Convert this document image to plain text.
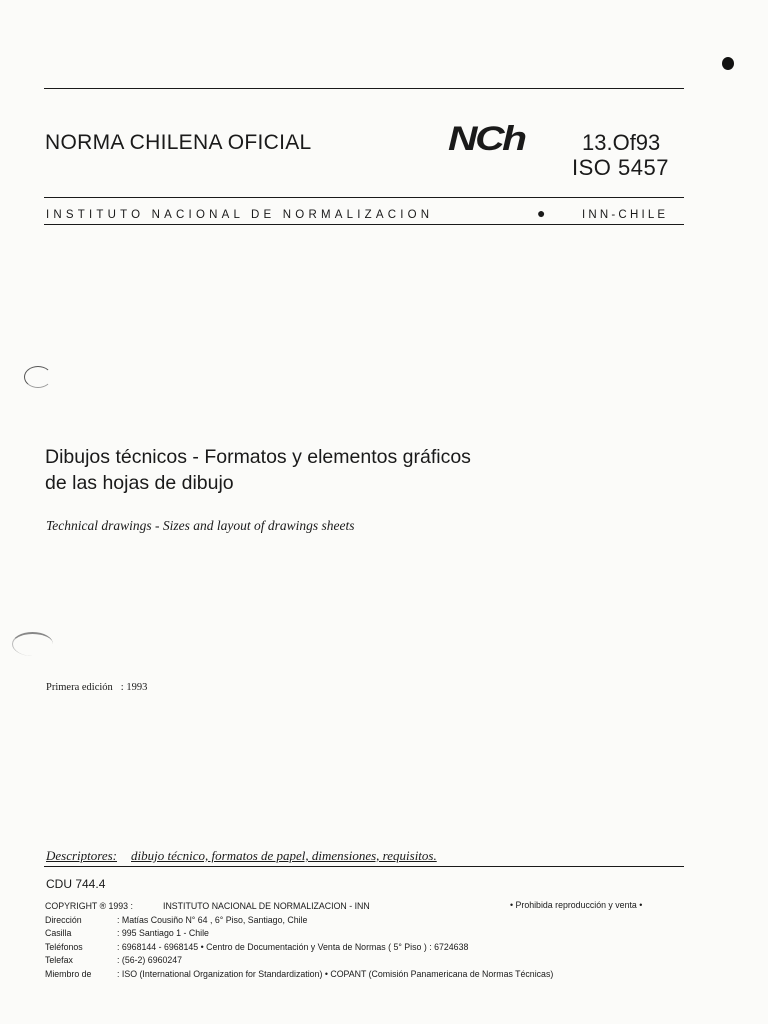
NORMA CHILENA OFICIAL	NCh	13.Of93
ISO 5457
INSTITUTO NACIONAL DE NORMALIZACION	●	INN-CHILE
Dibujos técnicos - Formatos y elementos gráficos
de las hojas de dibujo
Technical drawings - Sizes and layout of drawings sheets
Primera edición : 1993
Descriptores: dibujo técnico, formatos de papel, dimensiones, requisitos.
CDU 744.4
COPYRIGHT ® 1993 :	INSTITUTO NACIONAL DE NORMALIZACION - INN
Dirección	: Matías Cousiño N° 64 , 6° Piso, Santiago, Chile
Casilla	: 995 Santiago 1 - Chile
Teléfonos	: 6968144 - 6968145 • Centro de Documentación y Venta de Normas ( 5° Piso ) : 6724638
Telefax	: (56-2) 6960247
Miembro de	: ISO (International Organization for Standardization) • COPANT (Comisión Panamericana de Normas Técnicas)
• Prohibida reproducción y venta •
